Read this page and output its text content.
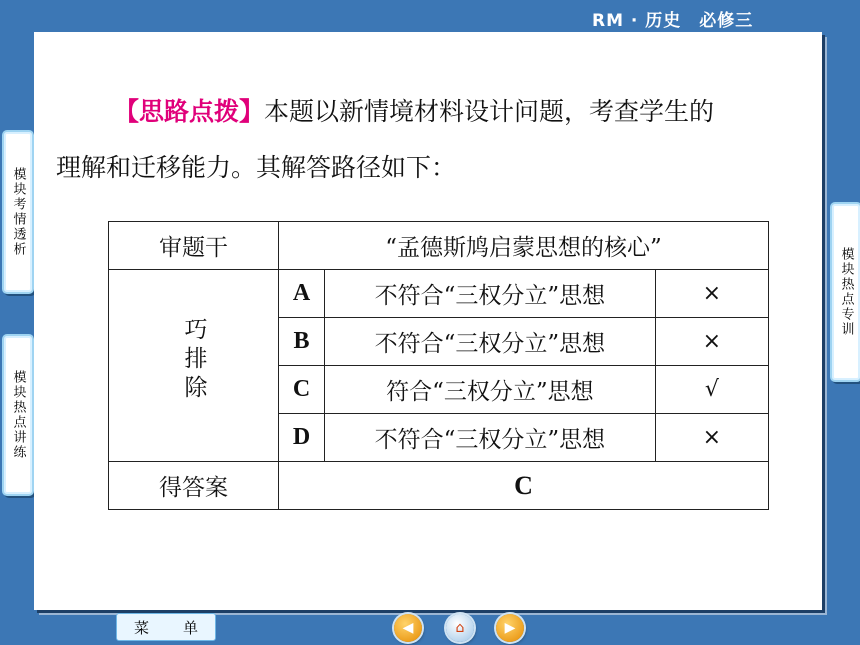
RM · 历史　必修三
模块考情透析
模块热点讲练
模块热点专训
【思路点拨】本题以新情境材料设计问题，考查学生的
理解和迁移能力。其解答路径如下：
审题干	“孟德斯鸠启蒙思想的核心”		
巧排除	A	不符合“三权分立”思想	×
	B	不符合“三权分立”思想	×
	C	符合“三权分立”思想	√
	D	不符合“三权分立”思想	×
得答案	C		
菜 单	◀	⌂	▶
